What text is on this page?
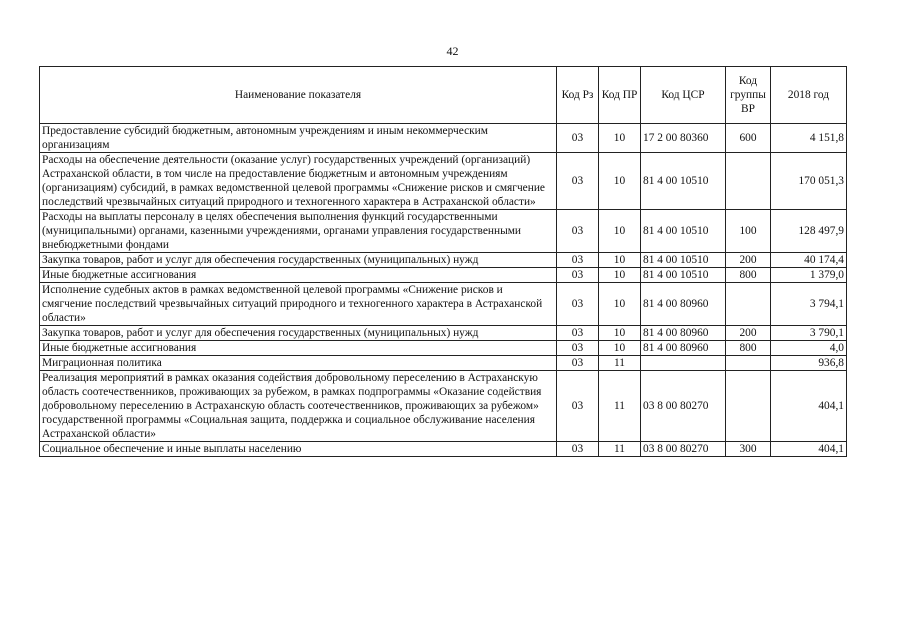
42
Наименование показателя	Код Рз	Код ПР	Код ЦСР	Код группы ВР	2018 год
Предоставление субсидий бюджетным, автономным учреждениям и иным некоммерческим организациям	03	10	17 2 00 80360	600	4 151,8
Расходы на обеспечение деятельности (оказание услуг) государственных учреждений (организаций) Астраханской области, в том числе на предоставление бюджетным и автономным учреждениям (организациям) субсидий, в рамках ведомственной целевой программы «Снижение рисков и смягчение последствий чрезвычайных ситуаций природного и техногенного характера в Астраханской области»	03	10	81 4 00 10510		170 051,3
Расходы на выплаты персоналу в целях обеспечения выполнения функций государственными (муниципальными) органами, казенными учреждениями, органами управления государственными внебюджетными фондами	03	10	81 4 00 10510	100	128 497,9
Закупка товаров, работ и услуг для обеспечения государственных (муниципальных) нужд	03	10	81 4 00 10510	200	40 174,4
Иные бюджетные ассигнования	03	10	81 4 00 10510	800	1 379,0
Исполнение судебных актов в рамках ведомственной целевой программы «Снижение рисков и смягчение последствий чрезвычайных ситуаций природного и техногенного характера в Астраханской области»	03	10	81 4 00 80960		3 794,1
Закупка товаров, работ и услуг для обеспечения государственных (муниципальных) нужд	03	10	81 4 00 80960	200	3 790,1
Иные бюджетные ассигнования	03	10	81 4 00 80960	800	4,0
Миграционная политика	03	11			936,8
Реализация мероприятий в рамках оказания содействия добровольному переселению в Астраханскую область соотечественников, проживающих за рубежом, в рамках подпрограммы «Оказание содействия добровольному переселению в Астраханскую область соотечественников, проживающих за рубежом» государственной программы «Социальная защита, поддержка и социальное обслуживание населения Астраханской области»	03	11	03 8 00 80270		404,1
Социальное обеспечение и иные выплаты населению	03	11	03 8 00 80270	300	404,1
